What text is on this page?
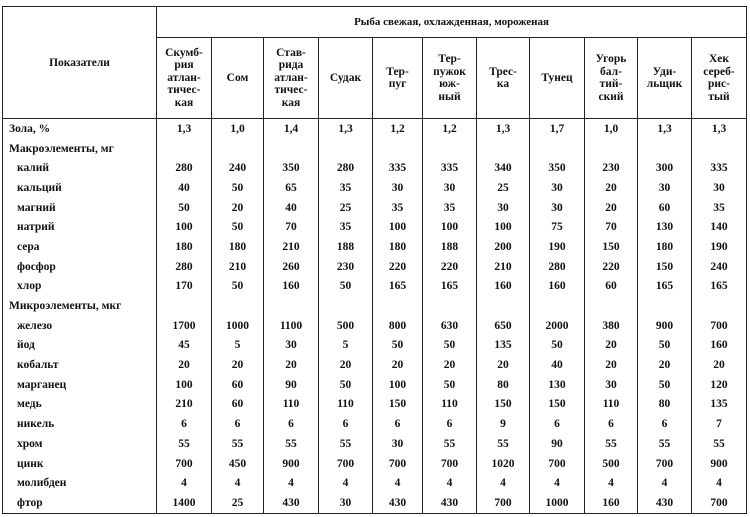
Показатели	Рыба свежая, охлажденная, мороженая										
	Скумб-
рия
атлан-
тичес-
кая	Сом	Став-
рида
атлан-
тичес-
кая	Судак	Тер-
пуг	Тер-
пужок
юж-
ный	Трес-
ка	Тунец	Угорь
бал-
тий-
ский	Уди-
льщик	Хек
сереб-
рис-
тый
Зола, %	1,3	1,0	1,4	1,3	1,2	1,2	1,3	1,7	1,0	1,3	1,3
Макроэлементы, мг											
калий	280	240	350	280	335	335	340	350	230	300	335
кальций	40	50	65	35	30	30	25	30	20	30	30
магний	50	20	40	25	35	35	30	30	20	60	35
натрий	100	50	70	35	100	100	100	75	70	130	140
сера	180	180	210	188	180	188	200	190	150	180	190
фосфор	280	210	260	230	220	220	210	280	220	150	240
хлор	170	50	160	50	165	165	160	160	60	165	165
Микроэлементы, мкг											
железо	1700	1000	1100	500	800	630	650	2000	380	900	700
йод	45	5	30	5	50	50	135	50	20	50	160
кобальт	20	20	20	20	20	20	20	40	20	20	20
марганец	100	60	90	50	100	50	80	130	30	50	120
медь	210	60	110	110	150	110	150	150	110	80	135
никель	6	6	6	6	6	6	9	6	6	6	7
хром	55	55	55	55	30	55	55	90	55	55	55
цинк	700	450	900	700	700	700	1020	700	500	700	900
молибден	4	4	4	4	4	4	4	4	4	4	4
фтор	1400	25	430	30	430	430	700	1000	160	430	700
